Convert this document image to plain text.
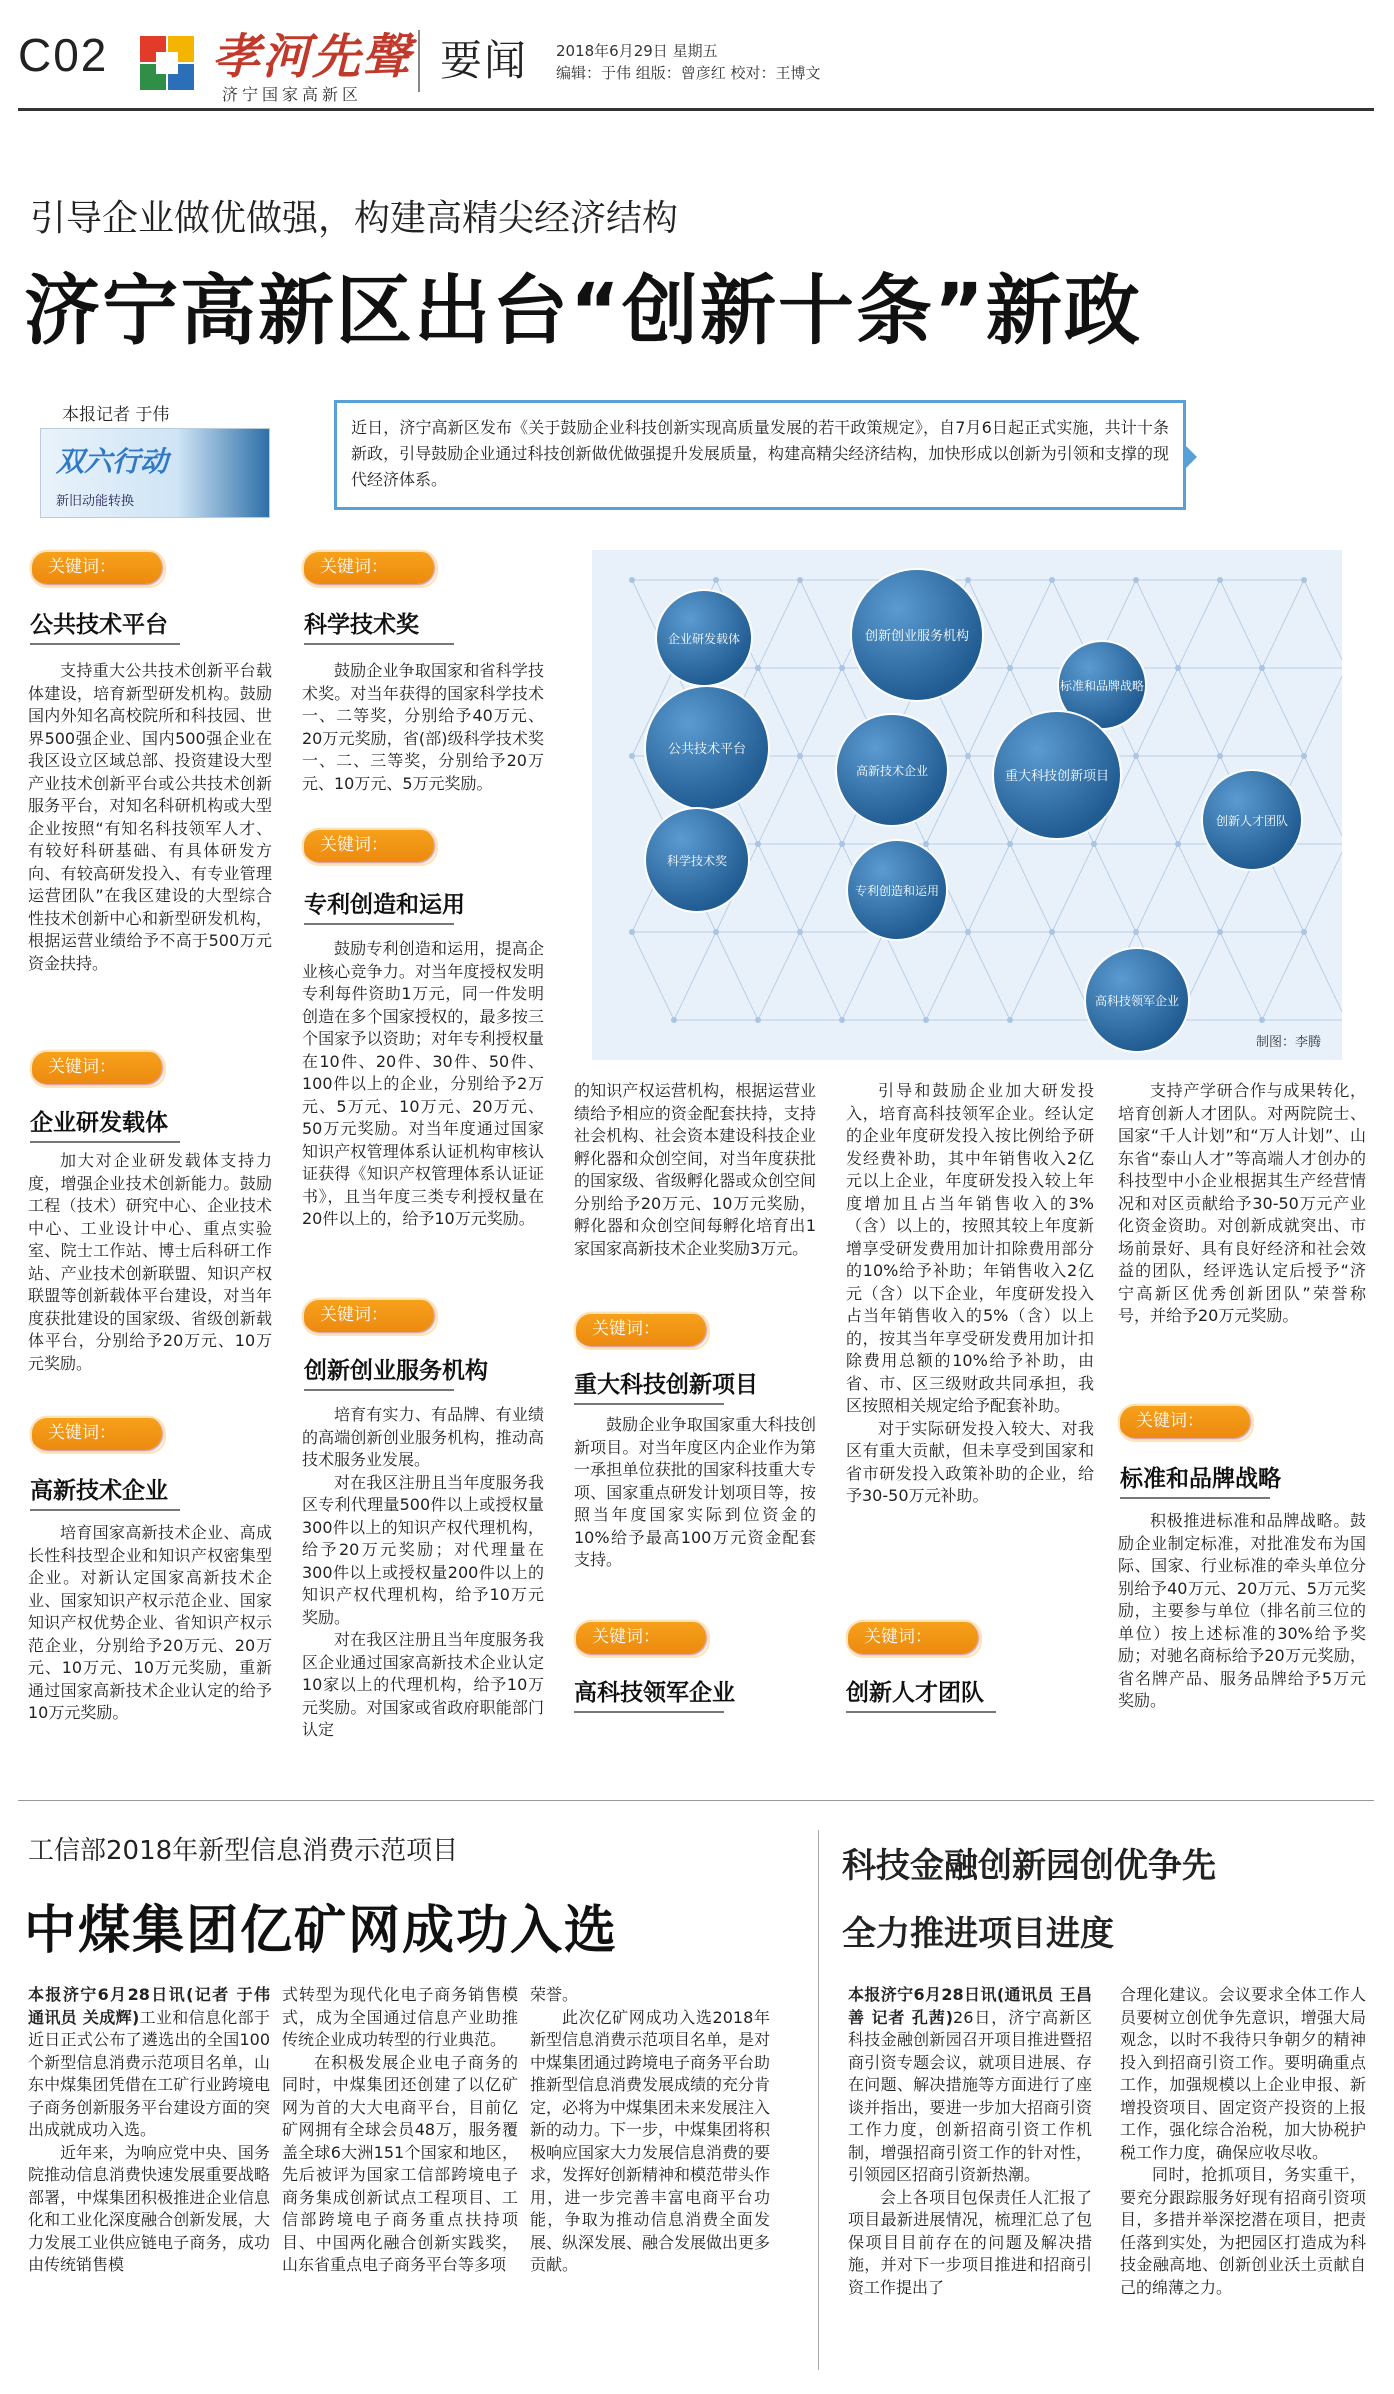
C02 孝河先聲
济宁国家高新区
要闻 2018年6月29日 星期五
编辑：于伟 组版：曾彦红 校对：王博文
引导企业做优做强，构建高精尖经济结构
济宁高新区出台“创新十条”新政
本报记者 于伟
双六行动
新旧动能转换
近日，济宁高新区发布《关于鼓励企业科技创新实现高质量发展的若干政策规定》，自7月6日起正式实施，共计十条新政，引导鼓励企业通过科技创新做优做强提升发展质量，构建高精尖经济结构，加快形成以创新为引领和支撑的现代经济体系。
关键词：
公共技术平台
支持重大公共技术创新平台载体建设，培育新型研发机构。鼓励国内外知名高校院所和科技园、世界500强企业、国内500强企业在我区设立区域总部、投资建设大型产业技术创新平台或公共技术创新服务平台，对知名科研机构或大型企业按照“有知名科技领军人才、有较好科研基础、有具体研发方向、有较高研发投入、有专业管理运营团队”在我区建设的大型综合性技术创新中心和新型研发机构，根据运营业绩给予不高于500万元资金扶持。
关键词：
企业研发载体
加大对企业研发载体支持力度，增强企业技术创新能力。鼓励工程（技术）研究中心、企业技术中心、工业设计中心、重点实验室、院士工作站、博士后科研工作站、产业技术创新联盟、知识产权联盟等创新载体平台建设，对当年度获批建设的国家级、省级创新载体平台，分别给予20万元、10万元奖励。
关键词：
高新技术企业
培育国家高新技术企业、高成长性科技型企业和知识产权密集型企业。对新认定国家高新技术企业、国家知识产权示范企业、国家知识产权优势企业、省知识产权示范企业，分别给予20万元、20万元、10万元、10万元奖励，重新通过国家高新技术企业认定的给予10万元奖励。
关键词：
科学技术奖
鼓励企业争取国家和省科学技术奖。对当年获得的国家科学技术一、二等奖，分别给予40万元、20万元奖励，省(部)级科学技术奖一、二、三等奖，分别给予20万元、10万元、5万元奖励。
关键词：
专利创造和运用
鼓励专利创造和运用，提高企业核心竞争力。对当年度授权发明专利每件资助1万元，同一件发明创造在多个国家授权的，最多按三个国家予以资助；对年专利授权量在10件、20件、30件、50件、100件以上的企业，分别给予2万元、5万元、10万元、20万元、50万元奖励。对当年度通过国家知识产权管理体系认证机构审核认证获得《知识产权管理体系认证证书》，且当年度三类专利授权量在20件以上的，给予10万元奖励。
关键词：
创新创业服务机构

培育有实力、有品牌、有业绩的高端创新创业服务机构，推动高技术服务业发展。

对在我区注册且当年度服务我区专利代理量500件以上或授权量300件以上的知识产权代理机构，给予20万元奖励；对代理量在300件以上或授权量200件以上的知识产权代理机构，给予10万元奖励。

对在我区注册且当年度服务我区企业通过国家高新技术企业认定10家以上的代理机构，给予10万元奖励。对国家或省政府职能部门认定

企业研发载体	创新创业服务机构
标准和品牌战略
公共技术平台
高新技术企业	重大科技创新项目
创新人才团队
科学技术奖
专利创造和运用
高科技领军企业
制图：李腾
的知识产权运营机构，根据运营业绩给予相应的资金配套扶持，支持社会机构、社会资本建设科技企业孵化器和众创空间，对当年度获批的国家级、省级孵化器或众创空间分别给予20万元、10万元奖励，孵化器和众创空间每孵化培育出1家国家高新技术企业奖励3万元。
关键词：
重大科技创新项目
鼓励企业争取国家重大科技创新项目。对当年度区内企业作为第一承担单位获批的国家科技重大专项、国家重点研发计划项目等，按照当年度国家实际到位资金的10%给予最高100万元资金配套支持。
关键词：
高科技领军企业

引导和鼓励企业加大研发投入，培育高科技领军企业。经认定的企业年度研发投入按比例给予研发经费补助，其中年销售收入2亿元以上企业，年度研发投入较上年度增加且占当年销售收入的3%（含）以上的，按照其较上年度新增享受研发费用加计扣除费用部分的10%给予补助；年销售收入2亿元（含）以下企业，年度研发投入占当年销售收入的5%（含）以上的，按其当年享受研发费用加计扣除费用总额的10%给予补助，由省、市、区三级财政共同承担，我区按照相关规定给予配套补助。

对于实际研发投入较大、对我区有重大贡献，但未享受到国家和省市研发投入政策补助的企业，给予30-50万元补助。

关键词：
创新人才团队
支持产学研合作与成果转化，培育创新人才团队。对两院院士、国家“千人计划”和“万人计划”、山东省“泰山人才”等高端人才创办的科技型中小企业根据其生产经营情况和对区贡献给予30-50万元产业化资金资助。对创新成就突出、市场前景好、具有良好经济和社会效益的团队，经评选认定后授予“济宁高新区优秀创新团队”荣誉称号，并给予20万元奖励。
关键词：
标准和品牌战略
积极推进标准和品牌战略。鼓励企业制定标准，对批准发布为国际、国家、行业标准的牵头单位分别给予40万元、20万元、5万元奖励，主要参与单位（排名前三位的单位）按上述标准的30%给予奖励；对驰名商标给予20万元奖励，省名牌产品、服务品牌给予5万元奖励。
工信部2018年新型信息消费示范项目
中煤集团亿矿网成功入选
本报济宁6月28日讯(记者 于伟 通讯员 关成辉)工业和信息化部于近日正式公布了遴选出的全国100个新型信息消费示范项目名单，山东中煤集团凭借在工矿行业跨境电子商务创新服务平台建设方面的突出成就成功入选。

近年来，为响应党中央、国务院推动信息消费快速发展重要战略部署，中煤集团积极推进企业信息化和工业化深度融合创新发展，大力发展工业供应链电子商务，成功由传统销售模

式转型为现代化电子商务销售模式，成为全国通过信息产业助推传统企业成功转型的行业典范。

在积极发展企业电子商务的同时，中煤集团还创建了以亿矿网为首的大大电商平台，目前亿矿网拥有全球会员48万，服务覆盖全球6大洲151个国家和地区，先后被评为国家工信部跨境电子商务集成创新试点工程项目、工信部跨境电子商务重点扶持项目、中国两化融合创新实践奖，山东省重点电子商务平台等多项

荣誉。

此次亿矿网成功入选2018年新型信息消费示范项目名单，是对中煤集团通过跨境电子商务平台助推新型信息消费发展成绩的充分肯定，必将为中煤集团未来发展注入新的动力。下一步，中煤集团将积极响应国家大力发展信息消费的要求，发挥好创新精神和模范带头作用，进一步完善丰富电商平台功能，争取为推动信息消费全面发展、纵深发展、融合发展做出更多贡献。

科技金融创新园创优争先
全力推进项目进度
本报济宁6月28日讯(通讯员 王昌善 记者 孔茜)26日，济宁高新区科技金融创新园召开项目推进暨招商引资专题会议，就项目进展、存在问题、解决措施等方面进行了座谈并指出，要进一步加大招商引资工作力度，创新招商引资工作机制，增强招商引资工作的针对性，引领园区招商引资新热潮。

会上各项目包保责任人汇报了项目最新进展情况，梳理汇总了包保项目目前存在的问题及解决措施，并对下一步项目推进和招商引资工作提出了

合理化建议。会议要求全体工作人员要树立创优争先意识，增强大局观念，以时不我待只争朝夕的精神投入到招商引资工作。要明确重点工作，加强规模以上企业申报、新增投资项目、固定资产投资的上报工作，强化综合治税，加大协税护税工作力度，确保应收尽收。

同时，抢抓项目，务实重干，要充分跟踪服务好现有招商引资项目，多措并举深挖潜在项目，把责任落到实处，为把园区打造成为科技金融高地、创新创业沃土贡献自己的绵薄之力。
